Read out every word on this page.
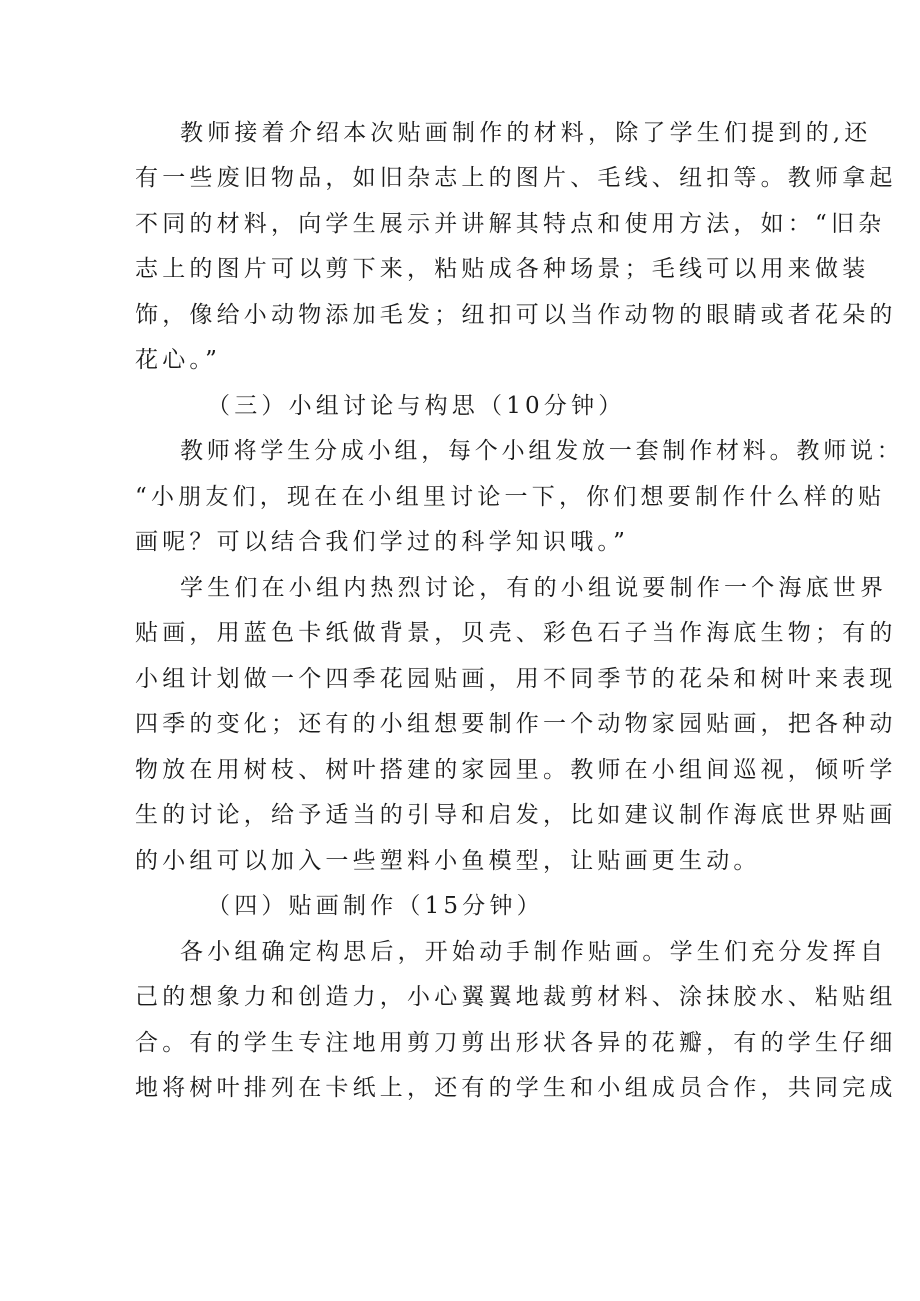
教师接着介绍本次贴画制作的材料，除了学生们提到的,还
有一些废旧物品，如旧杂志上的图片、毛线、纽扣等。教师拿起
不同的材料，向学生展示并讲解其特点和使用方法，如：“旧杂
志上的图片可以剪下来，粘贴成各种场景；毛线可以用来做装
饰，像给小动物添加毛发；纽扣可以当作动物的眼睛或者花朵的
花心。”
（三）小组讨论与构思（10分钟）
教师将学生分成小组，每个小组发放一套制作材料。教师说：
“小朋友们，现在在小组里讨论一下，你们想要制作什么样的贴
画呢？可以结合我们学过的科学知识哦。”
学生们在小组内热烈讨论，有的小组说要制作一个海底世界
贴画，用蓝色卡纸做背景，贝壳、彩色石子当作海底生物；有的
小组计划做一个四季花园贴画，用不同季节的花朵和树叶来表现
四季的变化；还有的小组想要制作一个动物家园贴画，把各种动
物放在用树枝、树叶搭建的家园里。教师在小组间巡视，倾听学
生的讨论，给予适当的引导和启发，比如建议制作海底世界贴画
的小组可以加入一些塑料小鱼模型，让贴画更生动。
（四）贴画制作（15分钟）
各小组确定构思后，开始动手制作贴画。学生们充分发挥自
己的想象力和创造力，小心翼翼地裁剪材料、涂抹胶水、粘贴组
合。有的学生专注地用剪刀剪出形状各异的花瓣，有的学生仔细
地将树叶排列在卡纸上，还有的学生和小组成员合作，共同完成
